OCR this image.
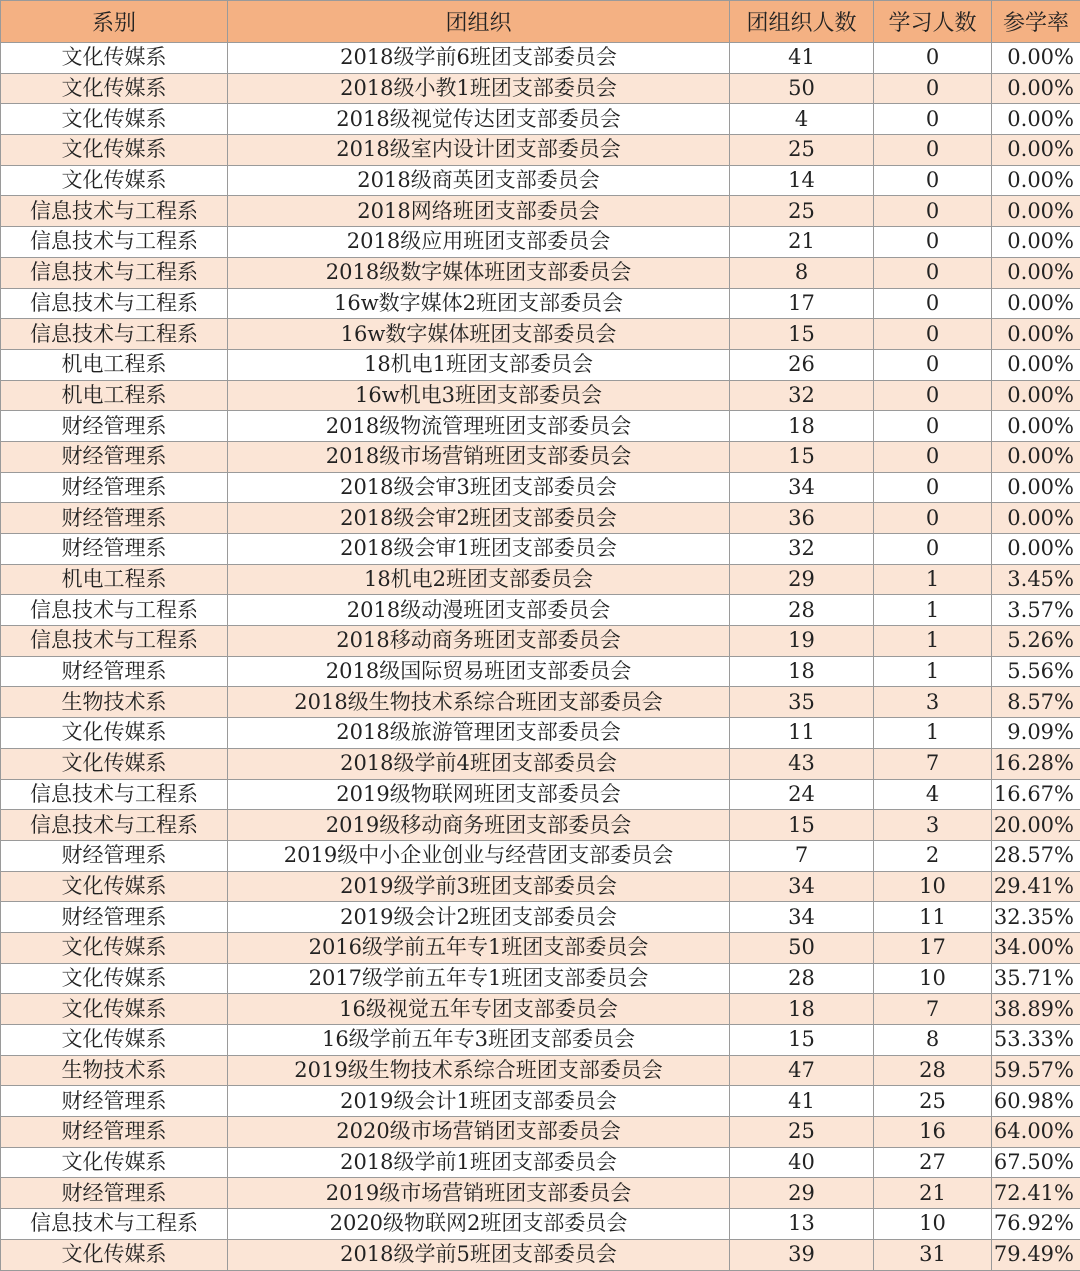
系别	团组织	团组织人数	学习人数	参学率
文化传媒系	2018级学前6班团支部委员会	41	0	0.00%
文化传媒系	2018级小教1班团支部委员会	50	0	0.00%
文化传媒系	2018级视觉传达团支部委员会	4	0	0.00%
文化传媒系	2018级室内设计团支部委员会	25	0	0.00%
文化传媒系	2018级商英团支部委员会	14	0	0.00%
信息技术与工程系	2018网络班团支部委员会	25	0	0.00%
信息技术与工程系	2018级应用班团支部委员会	21	0	0.00%
信息技术与工程系	2018级数字媒体班团支部委员会	8	0	0.00%
信息技术与工程系	16w数字媒体2班团支部委员会	17	0	0.00%
信息技术与工程系	16w数字媒体班团支部委员会	15	0	0.00%
机电工程系	18机电1班团支部委员会	26	0	0.00%
机电工程系	16w机电3班团支部委员会	32	0	0.00%
财经管理系	2018级物流管理班团支部委员会	18	0	0.00%
财经管理系	2018级市场营销班团支部委员会	15	0	0.00%
财经管理系	2018级会审3班团支部委员会	34	0	0.00%
财经管理系	2018级会审2班团支部委员会	36	0	0.00%
财经管理系	2018级会审1班团支部委员会	32	0	0.00%
机电工程系	18机电2班团支部委员会	29	1	3.45%
信息技术与工程系	2018级动漫班团支部委员会	28	1	3.57%
信息技术与工程系	2018移动商务班团支部委员会	19	1	5.26%
财经管理系	2018级国际贸易班团支部委员会	18	1	5.56%
生物技术系	2018级生物技术系综合班团支部委员会	35	3	8.57%
文化传媒系	2018级旅游管理团支部委员会	11	1	9.09%
文化传媒系	2018级学前4班团支部委员会	43	7	16.28%
信息技术与工程系	2019级物联网班团支部委员会	24	4	16.67%
信息技术与工程系	2019级移动商务班团支部委员会	15	3	20.00%
财经管理系	2019级中小企业创业与经营团支部委员会	7	2	28.57%
文化传媒系	2019级学前3班团支部委员会	34	10	29.41%
财经管理系	2019级会计2班团支部委员会	34	11	32.35%
文化传媒系	2016级学前五年专1班团支部委员会	50	17	34.00%
文化传媒系	2017级学前五年专1班团支部委员会	28	10	35.71%
文化传媒系	16级视觉五年专团支部委员会	18	7	38.89%
文化传媒系	16级学前五年专3班团支部委员会	15	8	53.33%
生物技术系	2019级生物技术系综合班团支部委员会	47	28	59.57%
财经管理系	2019级会计1班团支部委员会	41	25	60.98%
财经管理系	2020级市场营销团支部委员会	25	16	64.00%
文化传媒系	2018级学前1班团支部委员会	40	27	67.50%
财经管理系	2019级市场营销班团支部委员会	29	21	72.41%
信息技术与工程系	2020级物联网2班团支部委员会	13	10	76.92%
文化传媒系	2018级学前5班团支部委员会	39	31	79.49%
